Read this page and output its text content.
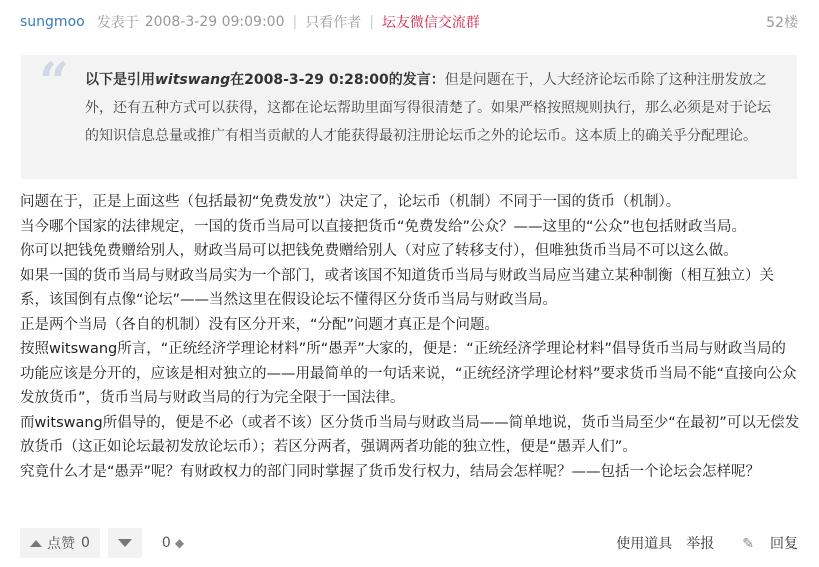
sungmoo 发表于 2008-3-29 09:09:00 | 只看作者 | 坛友微信交流群	52楼
“ 以下是引用witswang在2008-3-29 0:28:00的发言：但是问题在于，人大经济论坛币除了这种注册发放之外，还有五种方式可以获得，这都在论坛帮助里面写得很清楚了。如果严格按照规则执行，那么必须是对于论坛的知识信息总量或推广有相当贡献的人才能获得最初注册论坛币之外的论坛币。这本质上的确关乎分配理论。

问题在于，正是上面这些（包括最初“免费发放”）决定了，论坛币（机制）不同于一国的货币（机制）。

当今哪个国家的法律规定，一国的货币当局可以直接把货币“免费发给”公众？——这里的“公众”也包括财政当局。

你可以把钱免费赠给别人，财政当局可以把钱免费赠给别人（对应了转移支付），但唯独货币当局不可以这么做。

如果一国的货币当局与财政当局实为一个部门，或者该国不知道货币当局与财政当局应当建立某种制衡（相互独立）关系，该国倒有点像“论坛”——当然这里在假设论坛不懂得区分货币当局与财政当局。

正是两个当局（各自的机制）没有区分开来，“分配”问题才真正是个问题。

按照witswang所言，“正统经济学理论材料”所“愚弄”大家的，便是：“正统经济学理论材料”倡导货币当局与财政当局的功能应该是分开的，应该是相对独立的——用最简单的一句话来说，“正统经济学理论材料”要求货币当局不能“直接向公众发放货币”，货币当局与财政当局的行为完全限于一国法律。

而witswang所倡导的，便是不必（或者不该）区分货币当局与财政当局——简单地说，货币当局至少“在最初”可以无偿发放货币（这正如论坛最初发放论坛币）；若区分两者，强调两者功能的独立性，便是“愚弄人们”。

究竟什么才是“愚弄”呢？有财政权力的部门同时掌握了货币发行权力，结局会怎样呢？——包括一个论坛会怎样呢？

点赞 0	0 ◆	使用道具 举报	✎ 回复
